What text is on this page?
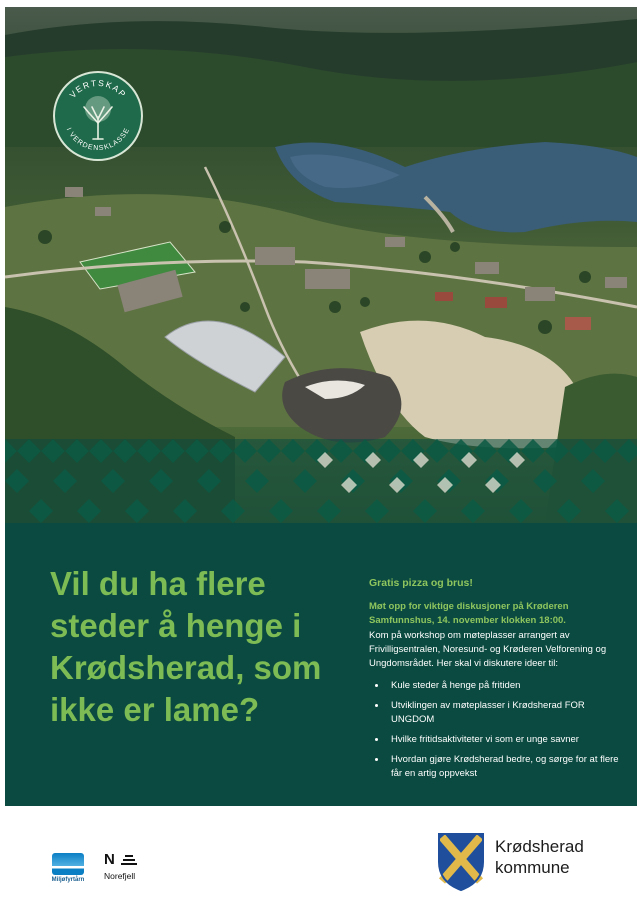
VERTSKAP
I VERDENSKLASSE
Vil du ha flere steder å henge i Krødsherad, som ikke er lame?

Gratis pizza og brus!

Møt opp for viktige diskusjoner på Krøderen Samfunnshus, 14. november klokken 18:00.

Kom på workshop om møteplasser arrangert av Frivilligsentralen, Noresund- og Krøderen Velforening og Ungdomsrådet. Her skal vi diskutere ideer til:

• Kule steder å henge på fritiden
• Utviklingen av møteplasser i Krødsherad FOR UNGDOM
• Hvilke fritidsaktiviteter vi som er unge savner
• Hvordan gjøre Krødsherad bedre, og sørge for at flere får en artig oppvekst
Miljøfyrtårn
N
Norefjell
Krødsherad
kommune
